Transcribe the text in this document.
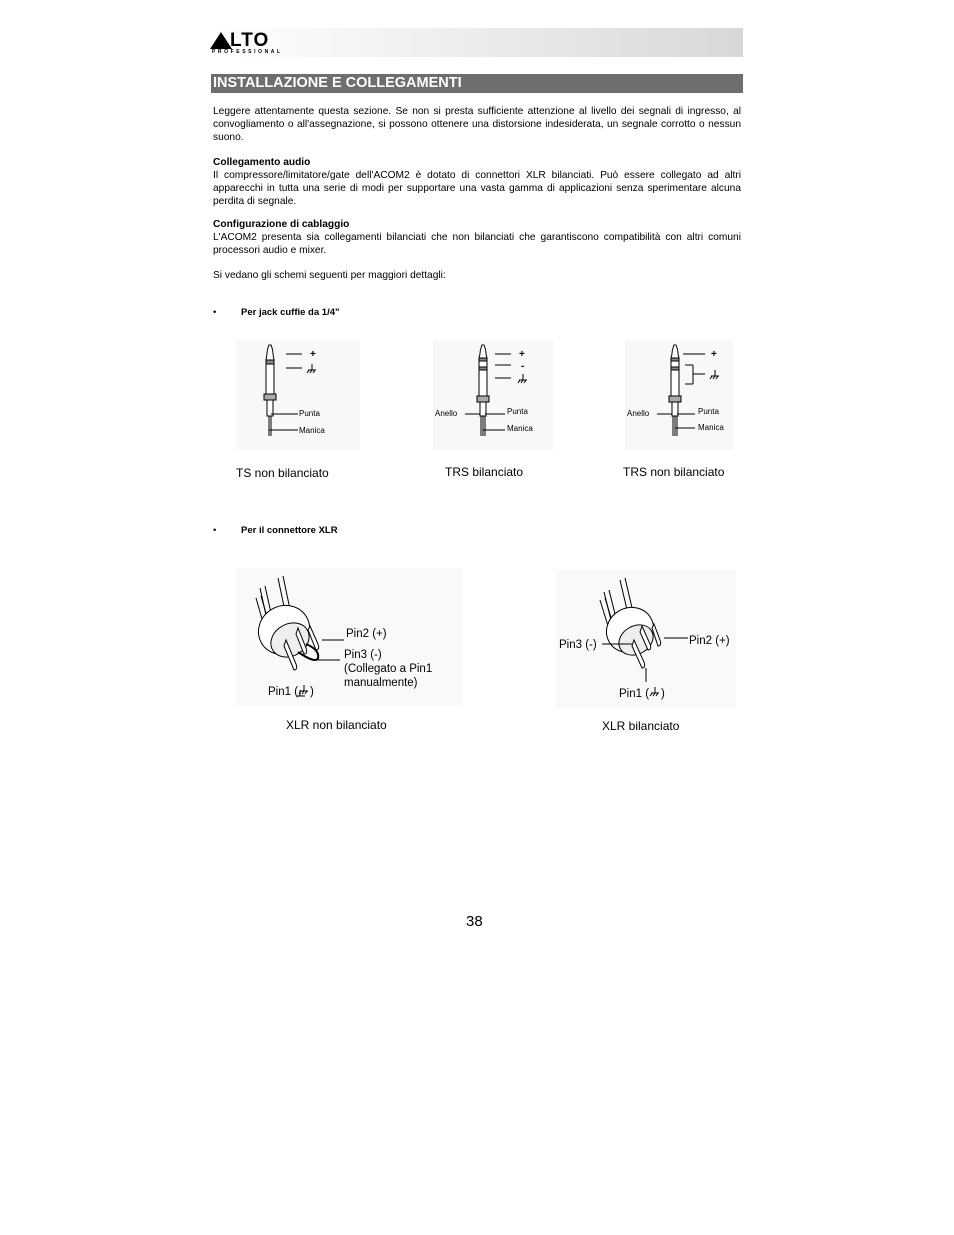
LTO
PROFESSIONAL
INSTALLAZIONE E COLLEGAMENTI
Leggere attentamente questa sezione. Se non si presta sufficiente attenzione al livello dei segnali di ingresso, al convogliamento o all'assegnazione, si possono ottenere una distorsione indesiderata, un segnale corrotto o nessun suono.
Collegamento audio
Il compressore/limitatore/gate dell'ACOM2 è dotato di connettori XLR bilanciati. Può essere collegato ad altri apparecchi in tutta una serie di modi per supportare una vasta gamma di applicazioni senza sperimentare alcuna perdita di segnale.
Configurazione di cablaggio
L'ACOM2 presenta sia collegamenti bilanciati che non bilanciati che garantiscono compatibilità con altri comuni processori audio e mixer.
Si vedano gli schemi seguenti per maggiori dettagli:
•	Per jack cuffie da 1/4"
+
Punta
Manica
+
-
Anello	Punta
Manica
+
Anello	Punta
Manica
TS non bilanciato	TRS bilanciato	TRS non bilanciato
•	Per il connettore XLR
Pin2 (+)
Pin3 (-)
(Collegato a Pin1
manualmente)
Pin1 ( )
Pin2 (+)
Pin3 (-)
Pin1 ( )
XLR non bilanciato	XLR bilanciato
38
